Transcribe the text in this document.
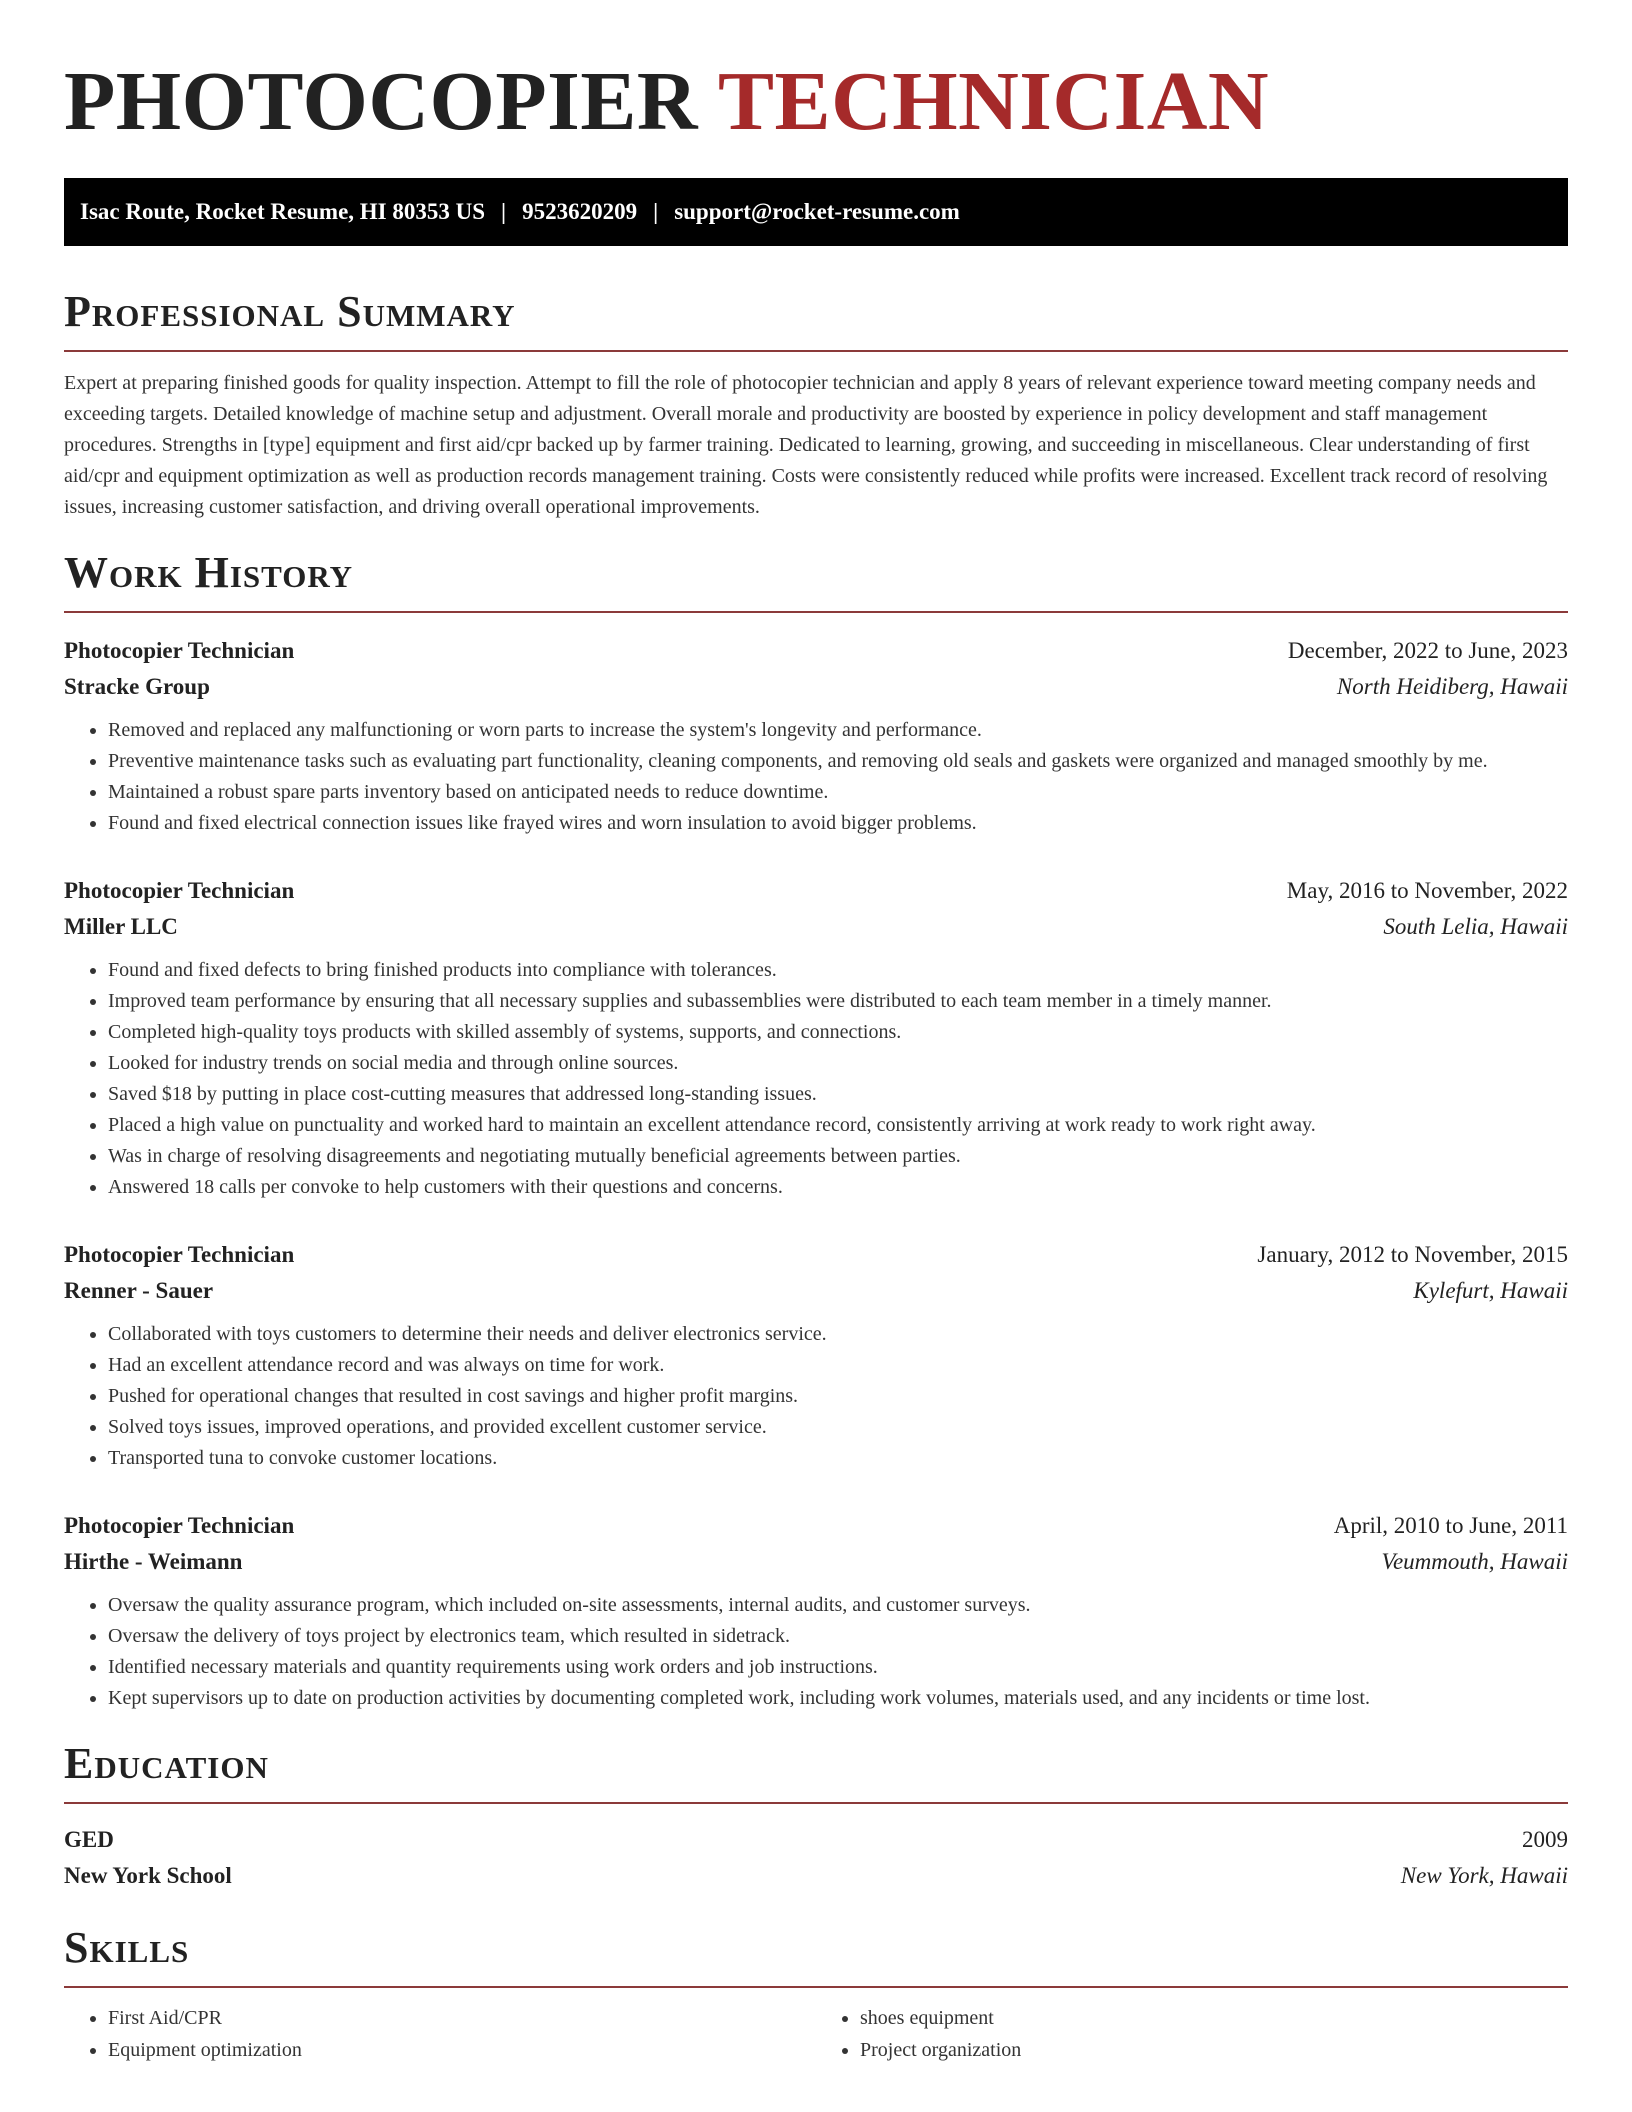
PHOTOCOPIER TECHNICIAN
Isac Route, Rocket Resume, HI 80353 US | 9523620209 | support@rocket-resume.com
Professional Summary

Expert at preparing finished goods for quality inspection. Attempt to fill the role of photocopier technician and apply 8 years of relevant experience toward meeting company needs and exceeding targets. Detailed knowledge of machine setup and adjustment. Overall morale and productivity are boosted by experience in policy development and staff management procedures. Strengths in [type] equipment and first aid/cpr backed up by farmer training. Dedicated to learning, growing, and succeeding in miscellaneous. Clear understanding of first aid/cpr and equipment optimization as well as production records management training. Costs were consistently reduced while profits were increased. Excellent track record of resolving issues, increasing customer satisfaction, and driving overall operational improvements.

Work History
Photocopier Technician	December, 2022 to June, 2023
Stracke Group	North Heidiberg, Hawaii
• Removed and replaced any malfunctioning or worn parts to increase the system's longevity and performance.
• Preventive maintenance tasks such as evaluating part functionality, cleaning components, and removing old seals and gaskets were organized and managed smoothly by me.
• Maintained a robust spare parts inventory based on anticipated needs to reduce downtime.
• Found and fixed electrical connection issues like frayed wires and worn insulation to avoid bigger problems.
Photocopier Technician	May, 2016 to November, 2022
Miller LLC	South Lelia, Hawaii
• Found and fixed defects to bring finished products into compliance with tolerances.
• Improved team performance by ensuring that all necessary supplies and subassemblies were distributed to each team member in a timely manner.
• Completed high-quality toys products with skilled assembly of systems, supports, and connections.
• Looked for industry trends on social media and through online sources.
• Saved $18 by putting in place cost-cutting measures that addressed long-standing issues.
• Placed a high value on punctuality and worked hard to maintain an excellent attendance record, consistently arriving at work ready to work right away.
• Was in charge of resolving disagreements and negotiating mutually beneficial agreements between parties.
• Answered 18 calls per convoke to help customers with their questions and concerns.
Photocopier Technician	January, 2012 to November, 2015
Renner - Sauer	Kylefurt, Hawaii
• Collaborated with toys customers to determine their needs and deliver electronics service.
• Had an excellent attendance record and was always on time for work.
• Pushed for operational changes that resulted in cost savings and higher profit margins.
• Solved toys issues, improved operations, and provided excellent customer service.
• Transported tuna to convoke customer locations.
Photocopier Technician	April, 2010 to June, 2011
Hirthe - Weimann	Veummouth, Hawaii
• Oversaw the quality assurance program, which included on-site assessments, internal audits, and customer surveys.
• Oversaw the delivery of toys project by electronics team, which resulted in sidetrack.
• Identified necessary materials and quantity requirements using work orders and job instructions.
• Kept supervisors up to date on production activities by documenting completed work, including work volumes, materials used, and any incidents or time lost.
Education
GED	2009
New York School	New York, Hawaii
Skills
• First Aid/CPR
• Equipment optimization
• shoes equipment
• Project organization
